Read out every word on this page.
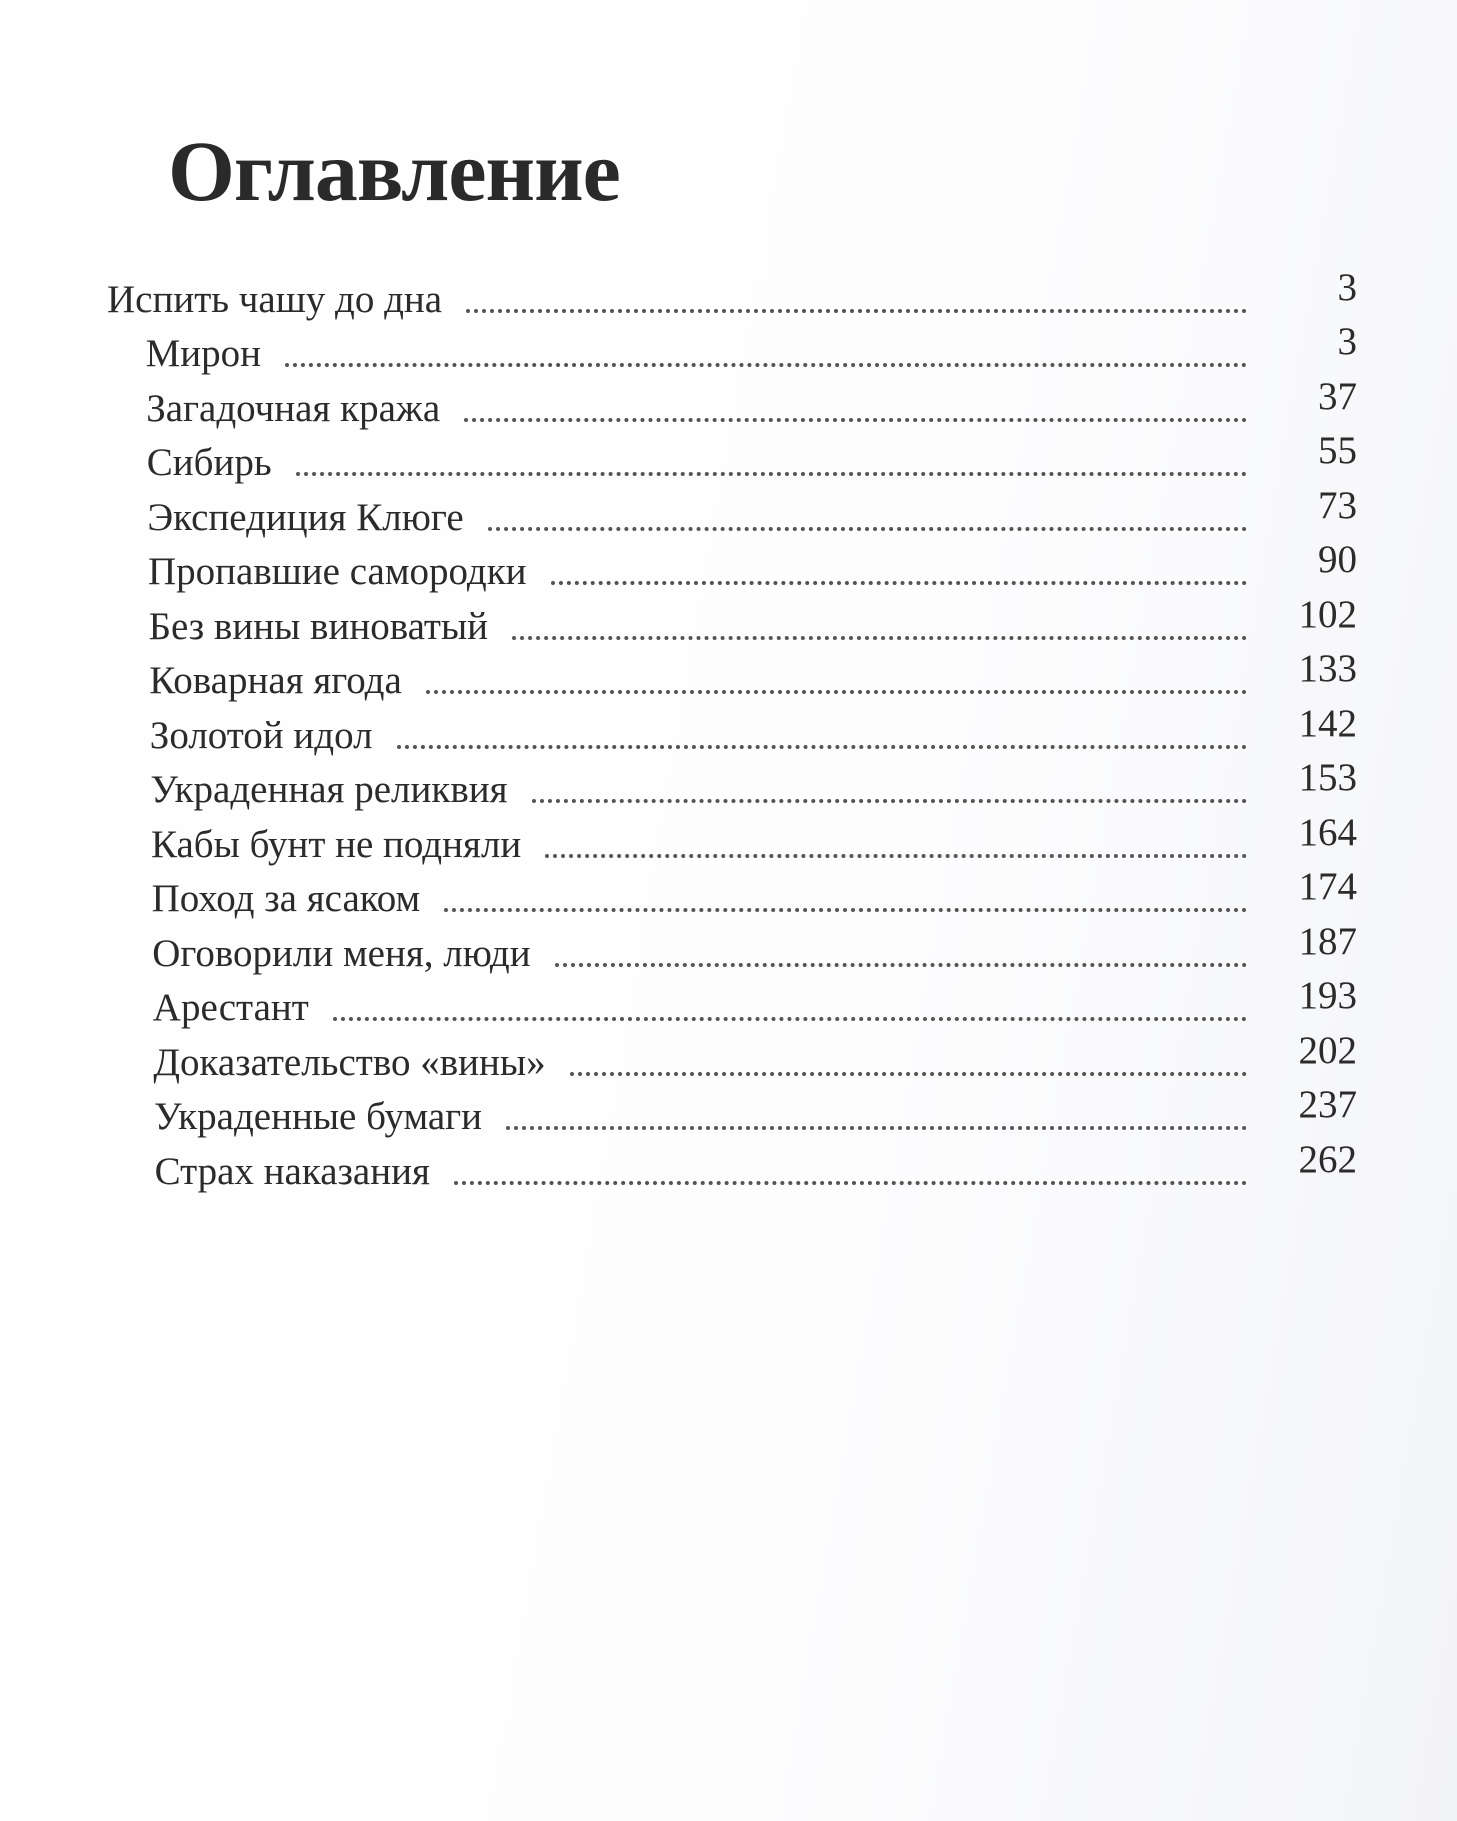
Оглавление
Испить чашу до дна	3
Мирон	3
Загадочная кража	37
Сибирь	55
Экспедиция Клюге	73
Пропавшие самородки	90
Без вины виноватый	102
Коварная ягода	133
Золотой идол	142
Украденная реликвия	153
Кабы бунт не подняли	164
Поход за ясаком	174
Оговорили меня, люди	187
Арестант	193
Доказательство «вины»	202
Украденные бумаги	237
Страх наказания	262
